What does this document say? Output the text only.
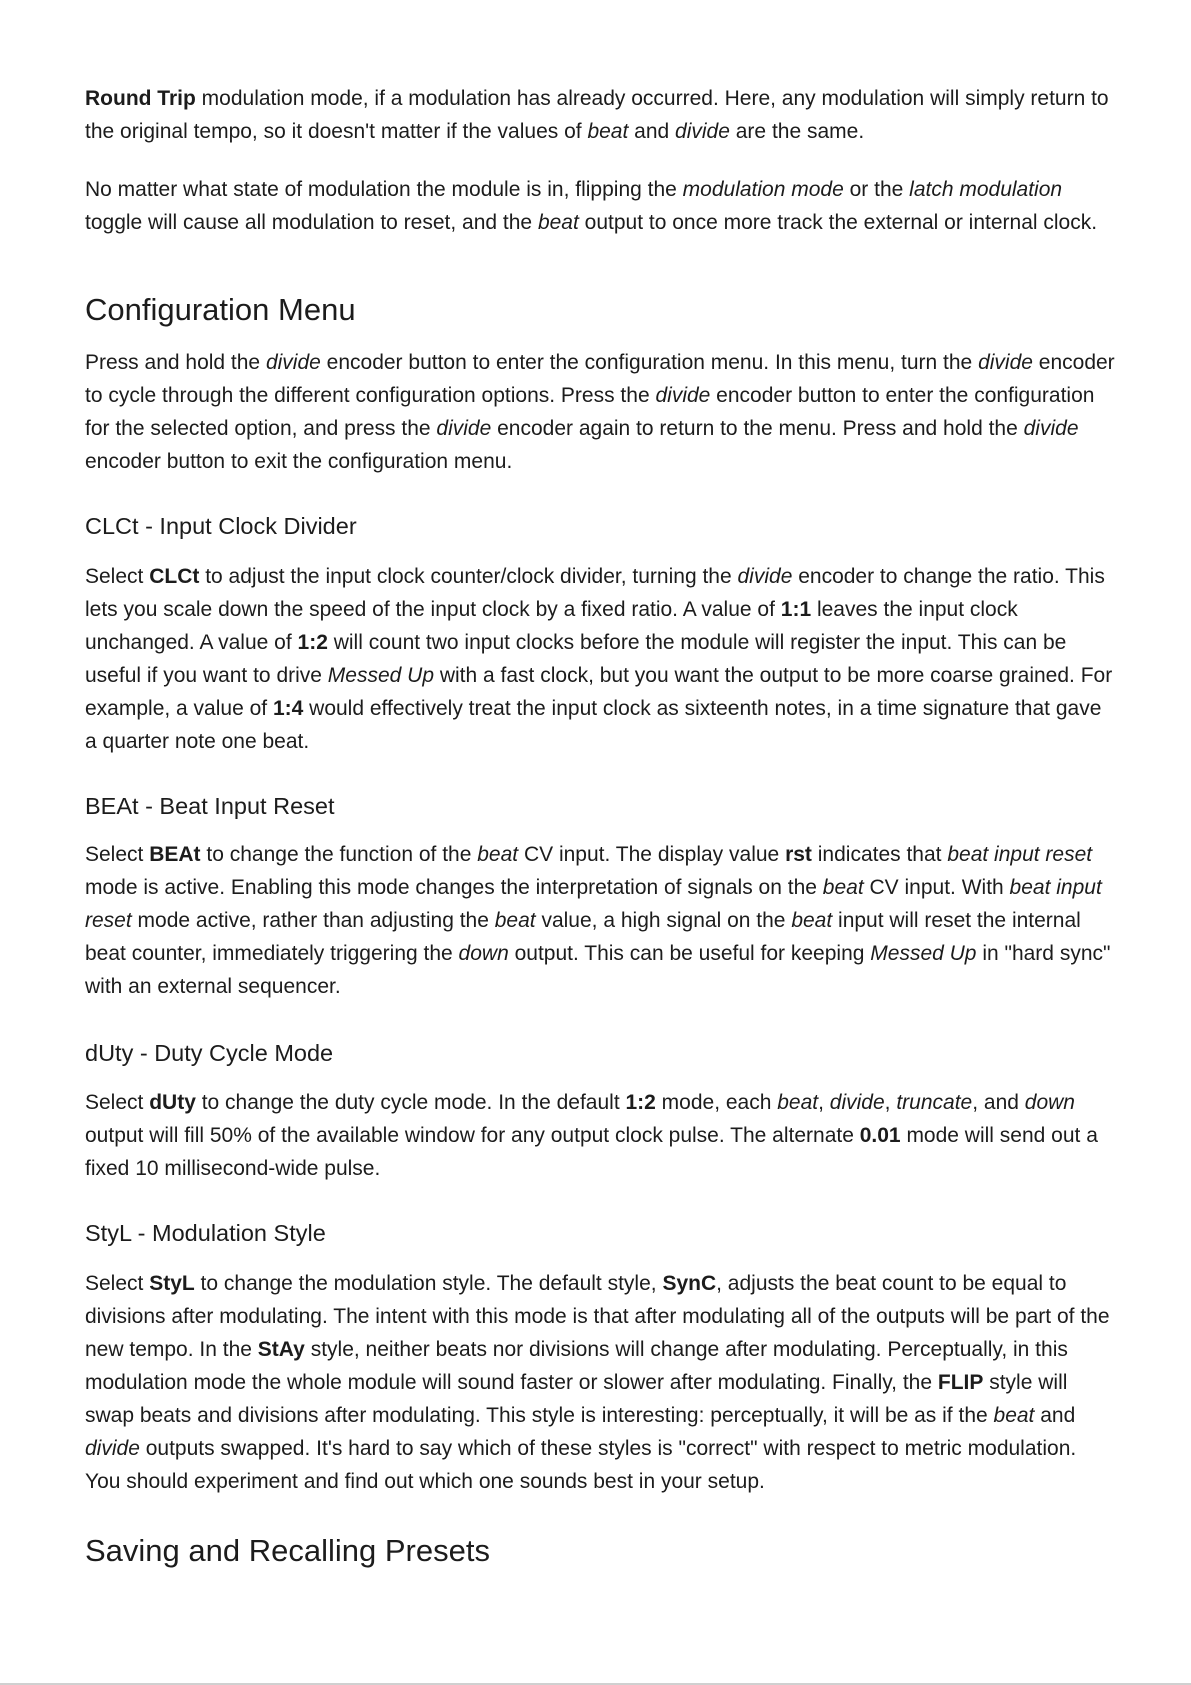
Round Trip modulation mode, if a modulation has already occurred. Here, any modulation will simply return to the original tempo, so it doesn't matter if the values of beat and divide are the same.

No matter what state of modulation the module is in, flipping the modulation mode or the latch modulation toggle will cause all modulation to reset, and the beat output to once more track the external or internal clock.

Configuration Menu

Press and hold the divide encoder button to enter the configuration menu. In this menu, turn the divide encoder to cycle through the different configuration options. Press the divide encoder button to enter the configuration for the selected option, and press the divide encoder again to return to the menu. Press and hold the divide encoder button to exit the configuration menu.

CLCt - Input Clock Divider

Select CLCt to adjust the input clock counter/clock divider, turning the divide encoder to change the ratio. This lets you scale down the speed of the input clock by a fixed ratio. A value of 1:1 leaves the input clock unchanged. A value of 1:2 will count two input clocks before the module will register the input. This can be useful if you want to drive Messed Up with a fast clock, but you want the output to be more coarse grained. For example, a value of 1:4 would effectively treat the input clock as sixteenth notes, in a time signature that gave a quarter note one beat.

BEAt - Beat Input Reset

Select BEAt to change the function of the beat CV input. The display value rst indicates that beat input reset mode is active. Enabling this mode changes the interpretation of signals on the beat CV input. With beat input reset mode active, rather than adjusting the beat value, a high signal on the beat input will reset the internal beat counter, immediately triggering the down output. This can be useful for keeping Messed Up in "hard sync" with an external sequencer.

dUty - Duty Cycle Mode

Select dUty to change the duty cycle mode. In the default 1:2 mode, each beat, divide, truncate, and down output will fill 50% of the available window for any output clock pulse. The alternate 0.01 mode will send out a fixed 10 millisecond-wide pulse.

StyL - Modulation Style

Select StyL to change the modulation style. The default style, SynC, adjusts the beat count to be equal to divisions after modulating. The intent with this mode is that after modulating all of the outputs will be part of the new tempo. In the StAy style, neither beats nor divisions will change after modulating. Perceptually, in this modulation mode the whole module will sound faster or slower after modulating. Finally, the FLIP style will swap beats and divisions after modulating. This style is interesting: perceptually, it will be as if the beat and divide outputs swapped. It's hard to say which of these styles is "correct" with respect to metric modulation. You should experiment and find out which one sounds best in your setup.

Saving and Recalling Presets
